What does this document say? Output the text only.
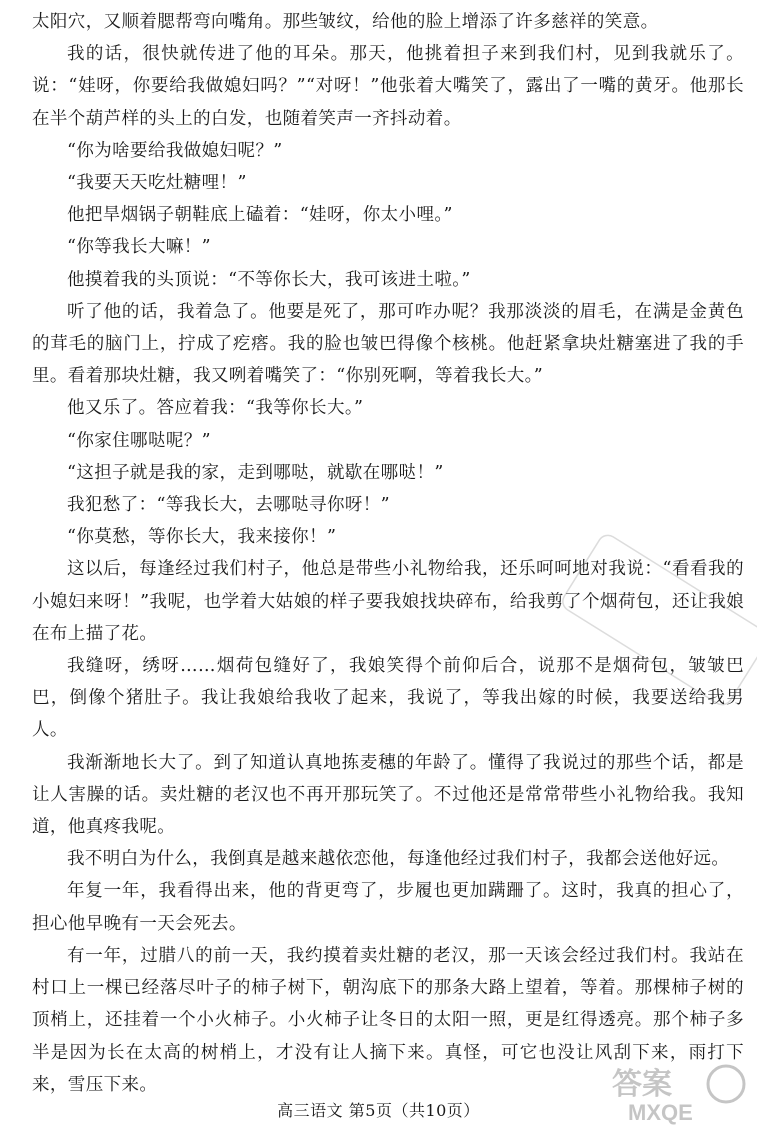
太阳穴，又顺着腮帮弯向嘴角。那些皱纹，给他的脸上增添了许多慈祥的笑意。

我的话，很快就传进了他的耳朵。那天，他挑着担子来到我们村，见到我就乐了。说：“娃呀，你要给我做媳妇吗？”“对呀！”他张着大嘴笑了，露出了一嘴的黄牙。他那长在半个葫芦样的头上的白发，也随着笑声一齐抖动着。

“你为啥要给我做媳妇呢？”

“我要天天吃灶糖哩！”

他把旱烟锅子朝鞋底上磕着：“娃呀，你太小哩。”

“你等我长大嘛！”

他摸着我的头顶说：“不等你长大，我可该进土啦。”

听了他的话，我着急了。他要是死了，那可咋办呢？我那淡淡的眉毛，在满是金黄色的茸毛的脑门上，拧成了疙瘩。我的脸也皱巴得像个核桃。他赶紧拿块灶糖塞进了我的手里。看着那块灶糖，我又咧着嘴笑了：“你别死啊，等着我长大。”

他又乐了。答应着我：“我等你长大。”

“你家住哪哒呢？”

“这担子就是我的家，走到哪哒，就歇在哪哒！”

我犯愁了：“等我长大，去哪哒寻你呀！”

“你莫愁，等你长大，我来接你！”

这以后，每逢经过我们村子，他总是带些小礼物给我，还乐呵呵地对我说：“看看我的小媳妇来呀！”我呢，也学着大姑娘的样子要我娘找块碎布，给我剪了个烟荷包，还让我娘在布上描了花。

我缝呀，绣呀……烟荷包缝好了，我娘笑得个前仰后合，说那不是烟荷包，皱皱巴巴，倒像个猪肚子。我让我娘给我收了起来，我说了，等我出嫁的时候，我要送给我男人。

我渐渐地长大了。到了知道认真地拣麦穗的年龄了。懂得了我说过的那些个话，都是让人害臊的话。卖灶糖的老汉也不再开那玩笑了。不过他还是常常带些小礼物给我。我知道，他真疼我呢。

我不明白为什么，我倒真是越来越依恋他，每逢他经过我们村子，我都会送他好远。

年复一年，我看得出来，他的背更弯了，步履也更加蹒跚了。这时，我真的担心了，担心他早晚有一天会死去。

有一年，过腊八的前一天，我约摸着卖灶糖的老汉，那一天该会经过我们村。我站在村口上一棵已经落尽叶子的柿子树下，朝沟底下的那条大路上望着，等着。那棵柿子树的顶梢上，还挂着一个小火柿子。小火柿子让冬日的太阳一照，更是红得透亮。那个柿子多半是因为长在太高的树梢上，才没有让人摘下来。真怪，可它也没让风刮下来，雨打下来，雪压下来。

高三语文 第5页（共10页）
答案
MXQE
